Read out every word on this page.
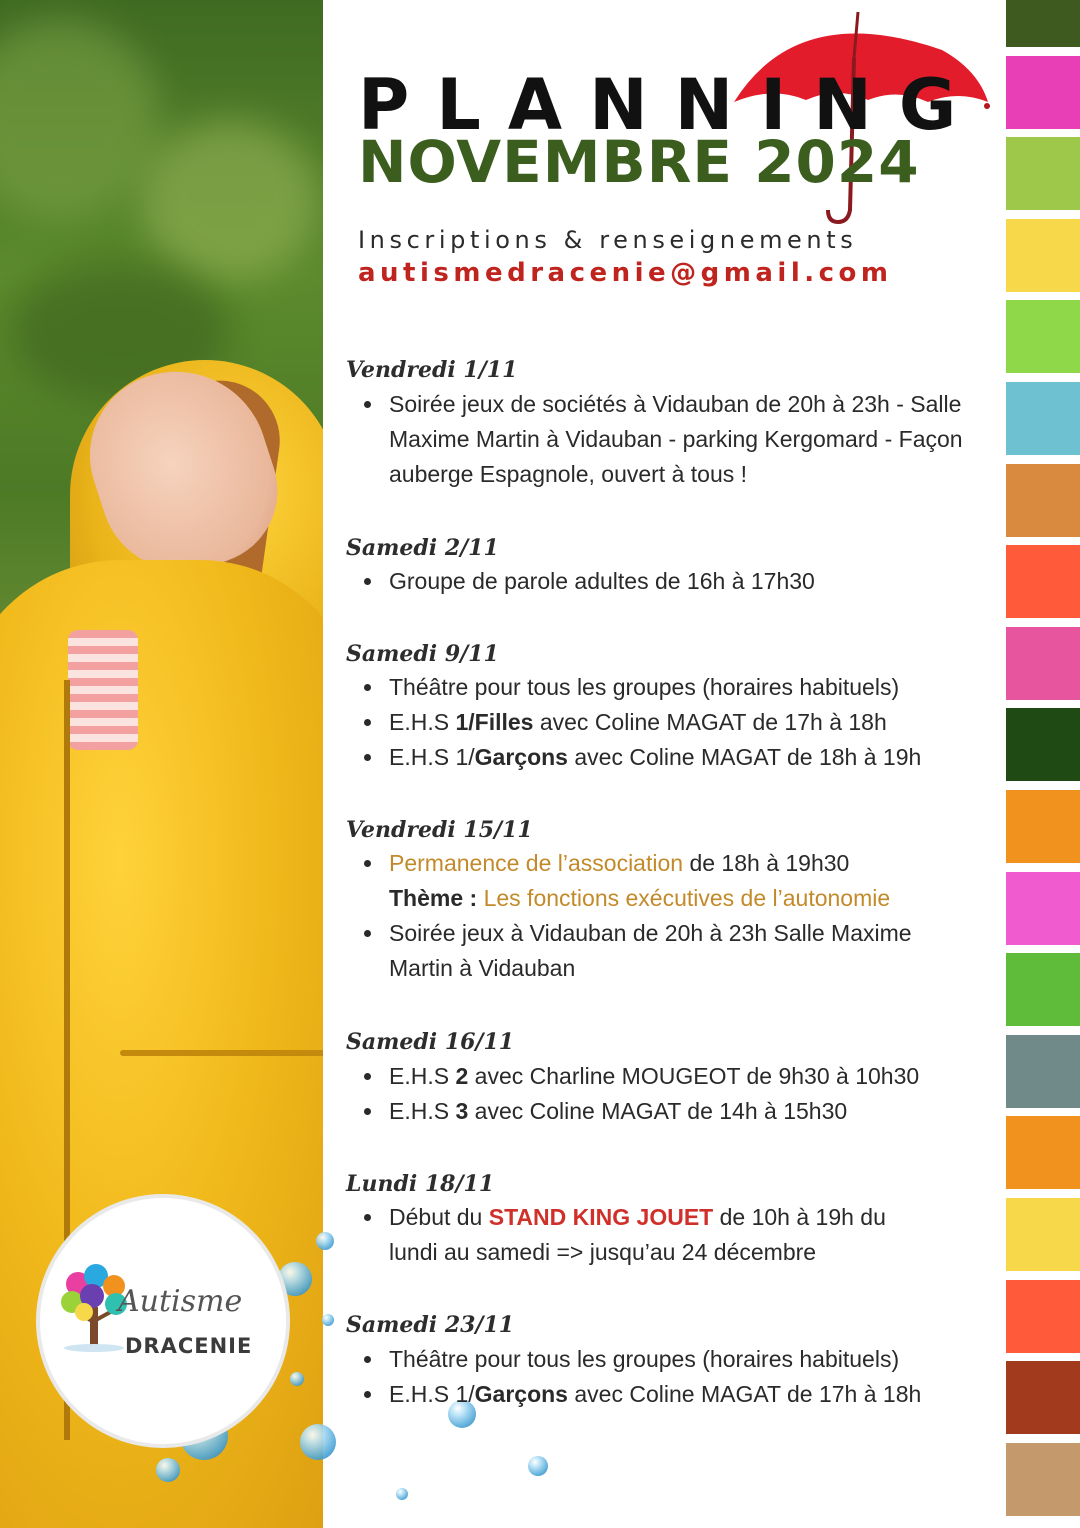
Autisme
DRACENIE
PLANNING
NOVEMBRE 2024
Inscriptions & renseignements
autismedracenie@gmail.com
Vendredi 1/11
Soirée jeux de sociétés à Vidauban de 20h à 23h - Salle
Maxime Martin à Vidauban - parking Kergomard - Façon
auberge Espagnole, ouvert à tous !
Samedi 2/11
Groupe de parole adultes de 16h à 17h30
Samedi 9/11
Théâtre pour tous les groupes (horaires habituels)
E.H.S 1/Filles avec Coline MAGAT de 17h à 18h
E.H.S 1/Garçons avec Coline MAGAT de 18h à 19h
Vendredi 15/11
Permanence de l’association de 18h à 19h30
Thème : Les fonctions exécutives de l’autonomie
Soirée jeux à Vidauban de 20h à 23h Salle Maxime
Martin à Vidauban
Samedi 16/11
E.H.S 2 avec Charline MOUGEOT de 9h30 à 10h30
E.H.S 3 avec Coline MAGAT de 14h à 15h30
Lundi 18/11
Début du STAND KING JOUET de 10h à 19h du
lundi au samedi => jusqu’au 24 décembre
Samedi 23/11
Théâtre pour tous les groupes (horaires habituels)
E.H.S 1/Garçons avec Coline MAGAT de 17h à 18h
